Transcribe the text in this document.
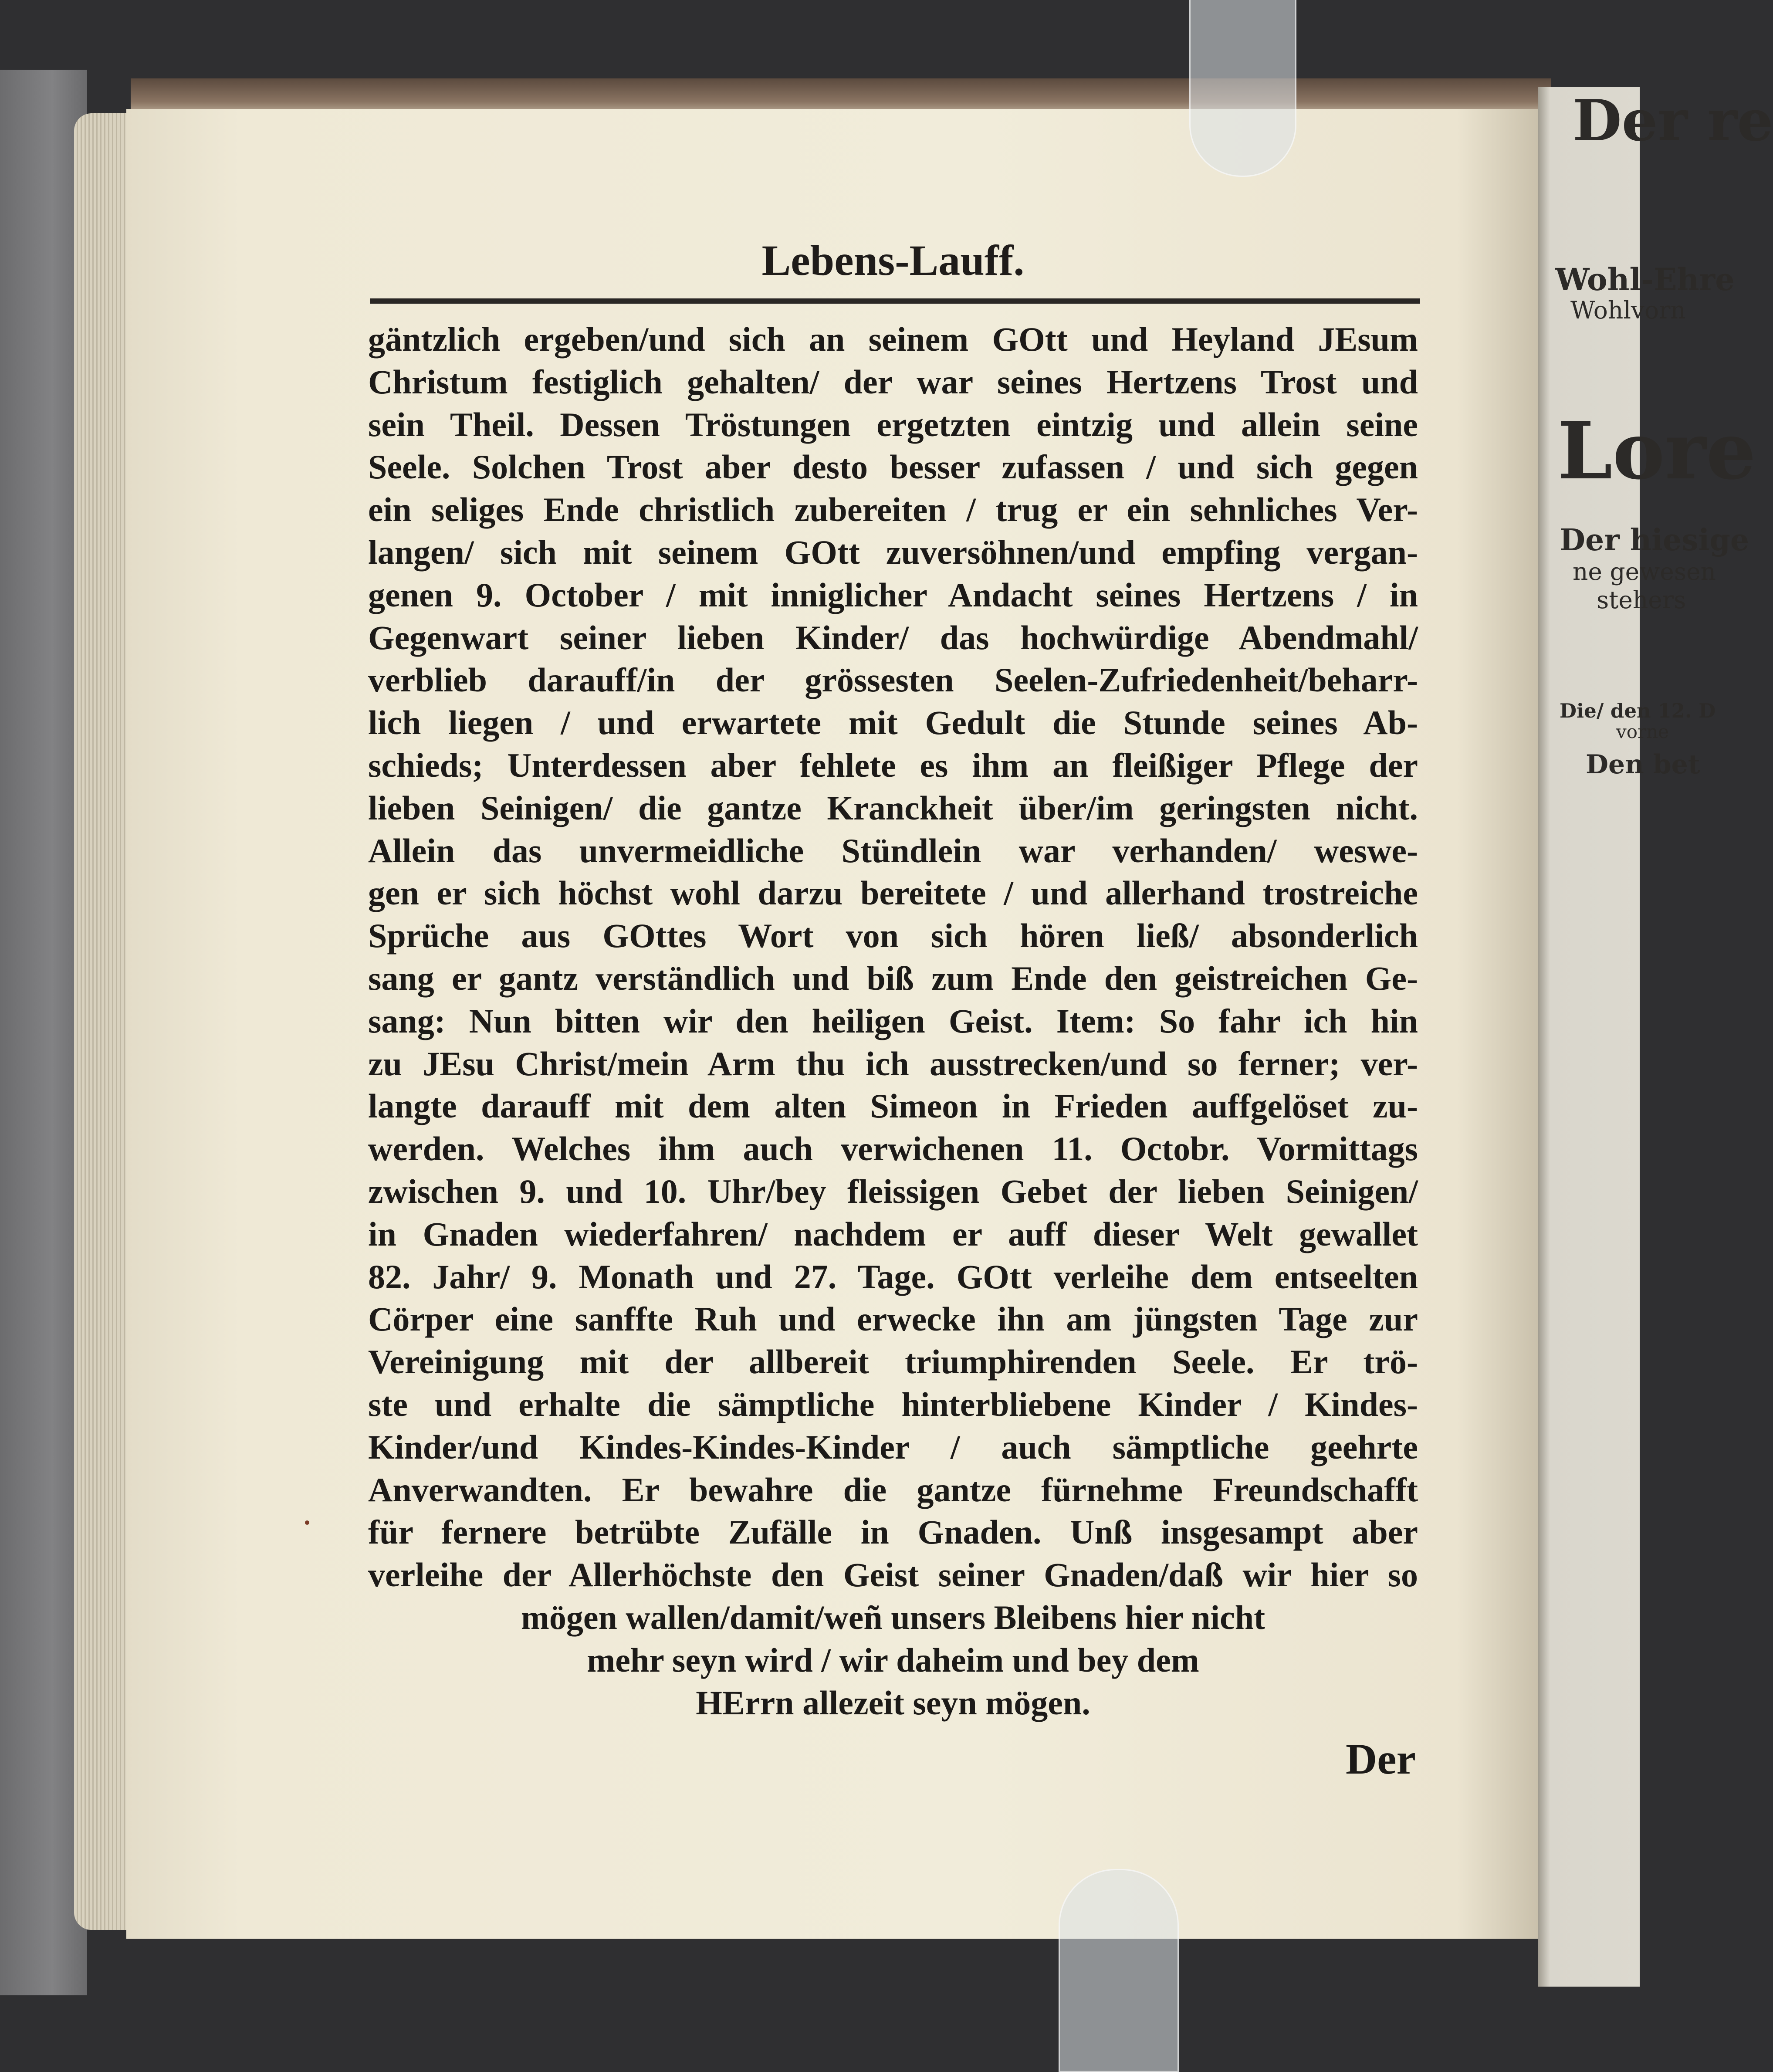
Der re
Wohl-Ehre
Wohlvorn
Lore
Der hiesige
ne gewesen
stehers
Die/ den 12. D
vorne
Den bet
Lebens-Lauff.
gäntzlich ergeben/und sich an seinem GOtt und Heyland JEsum
Christum festiglich gehalten/ der war seines Hertzens Trost und
sein Theil. Dessen Tröstungen ergetzten eintzig und allein seine
Seele. Solchen Trost aber desto besser zufassen / und sich gegen
ein seliges Ende christlich zubereiten / trug er ein sehnliches Ver-
langen/ sich mit seinem GOtt zuversöhnen/und empfing vergan-
genen 9. October / mit inniglicher Andacht seines Hertzens / in
Gegenwart seiner lieben Kinder/ das hochwürdige Abendmahl/
verblieb darauff/in der grössesten Seelen-Zufriedenheit/beharr-
lich liegen / und erwartete mit Gedult die Stunde seines Ab-
schieds; Unterdessen aber fehlete es ihm an fleißiger Pflege der
lieben Seinigen/ die gantze Kranckheit über/im geringsten nicht.
Allein das unvermeidliche Stündlein war verhanden/ weswe-
gen er sich höchst wohl darzu bereitete / und allerhand trostreiche
Sprüche aus GOttes Wort von sich hören ließ/ absonderlich
sang er gantz verständlich und biß zum Ende den geistreichen Ge-
sang: Nun bitten wir den heiligen Geist. Item: So fahr ich hin
zu JEsu Christ/mein Arm thu ich ausstrecken/und so ferner; ver-
langte darauff mit dem alten Simeon in Frieden auffgelöset zu-
werden. Welches ihm auch verwichenen 11. Octobr. Vormittags
zwischen 9. und 10. Uhr/bey fleissigen Gebet der lieben Seinigen/
in Gnaden wiederfahren/ nachdem er auff dieser Welt gewallet
82. Jahr/ 9. Monath und 27. Tage. GOtt verleihe dem entseelten
Cörper eine sanffte Ruh und erwecke ihn am jüngsten Tage zur
Vereinigung mit der allbereit triumphirenden Seele. Er trö-
ste und erhalte die sämptliche hinterbliebene Kinder / Kindes-
Kinder/und Kindes-Kindes-Kinder / auch sämptliche geehrte
Anverwandten. Er bewahre die gantze fürnehme Freundschafft
für fernere betrübte Zufälle in Gnaden. Unß insgesampt aber
verleihe der Allerhöchste den Geist seiner Gnaden/daß wir hier so
mögen wallen/damit/weñ unsers Bleibens hier nicht
mehr seyn wird / wir daheim und bey dem
HErrn allezeit seyn mögen.
Der
